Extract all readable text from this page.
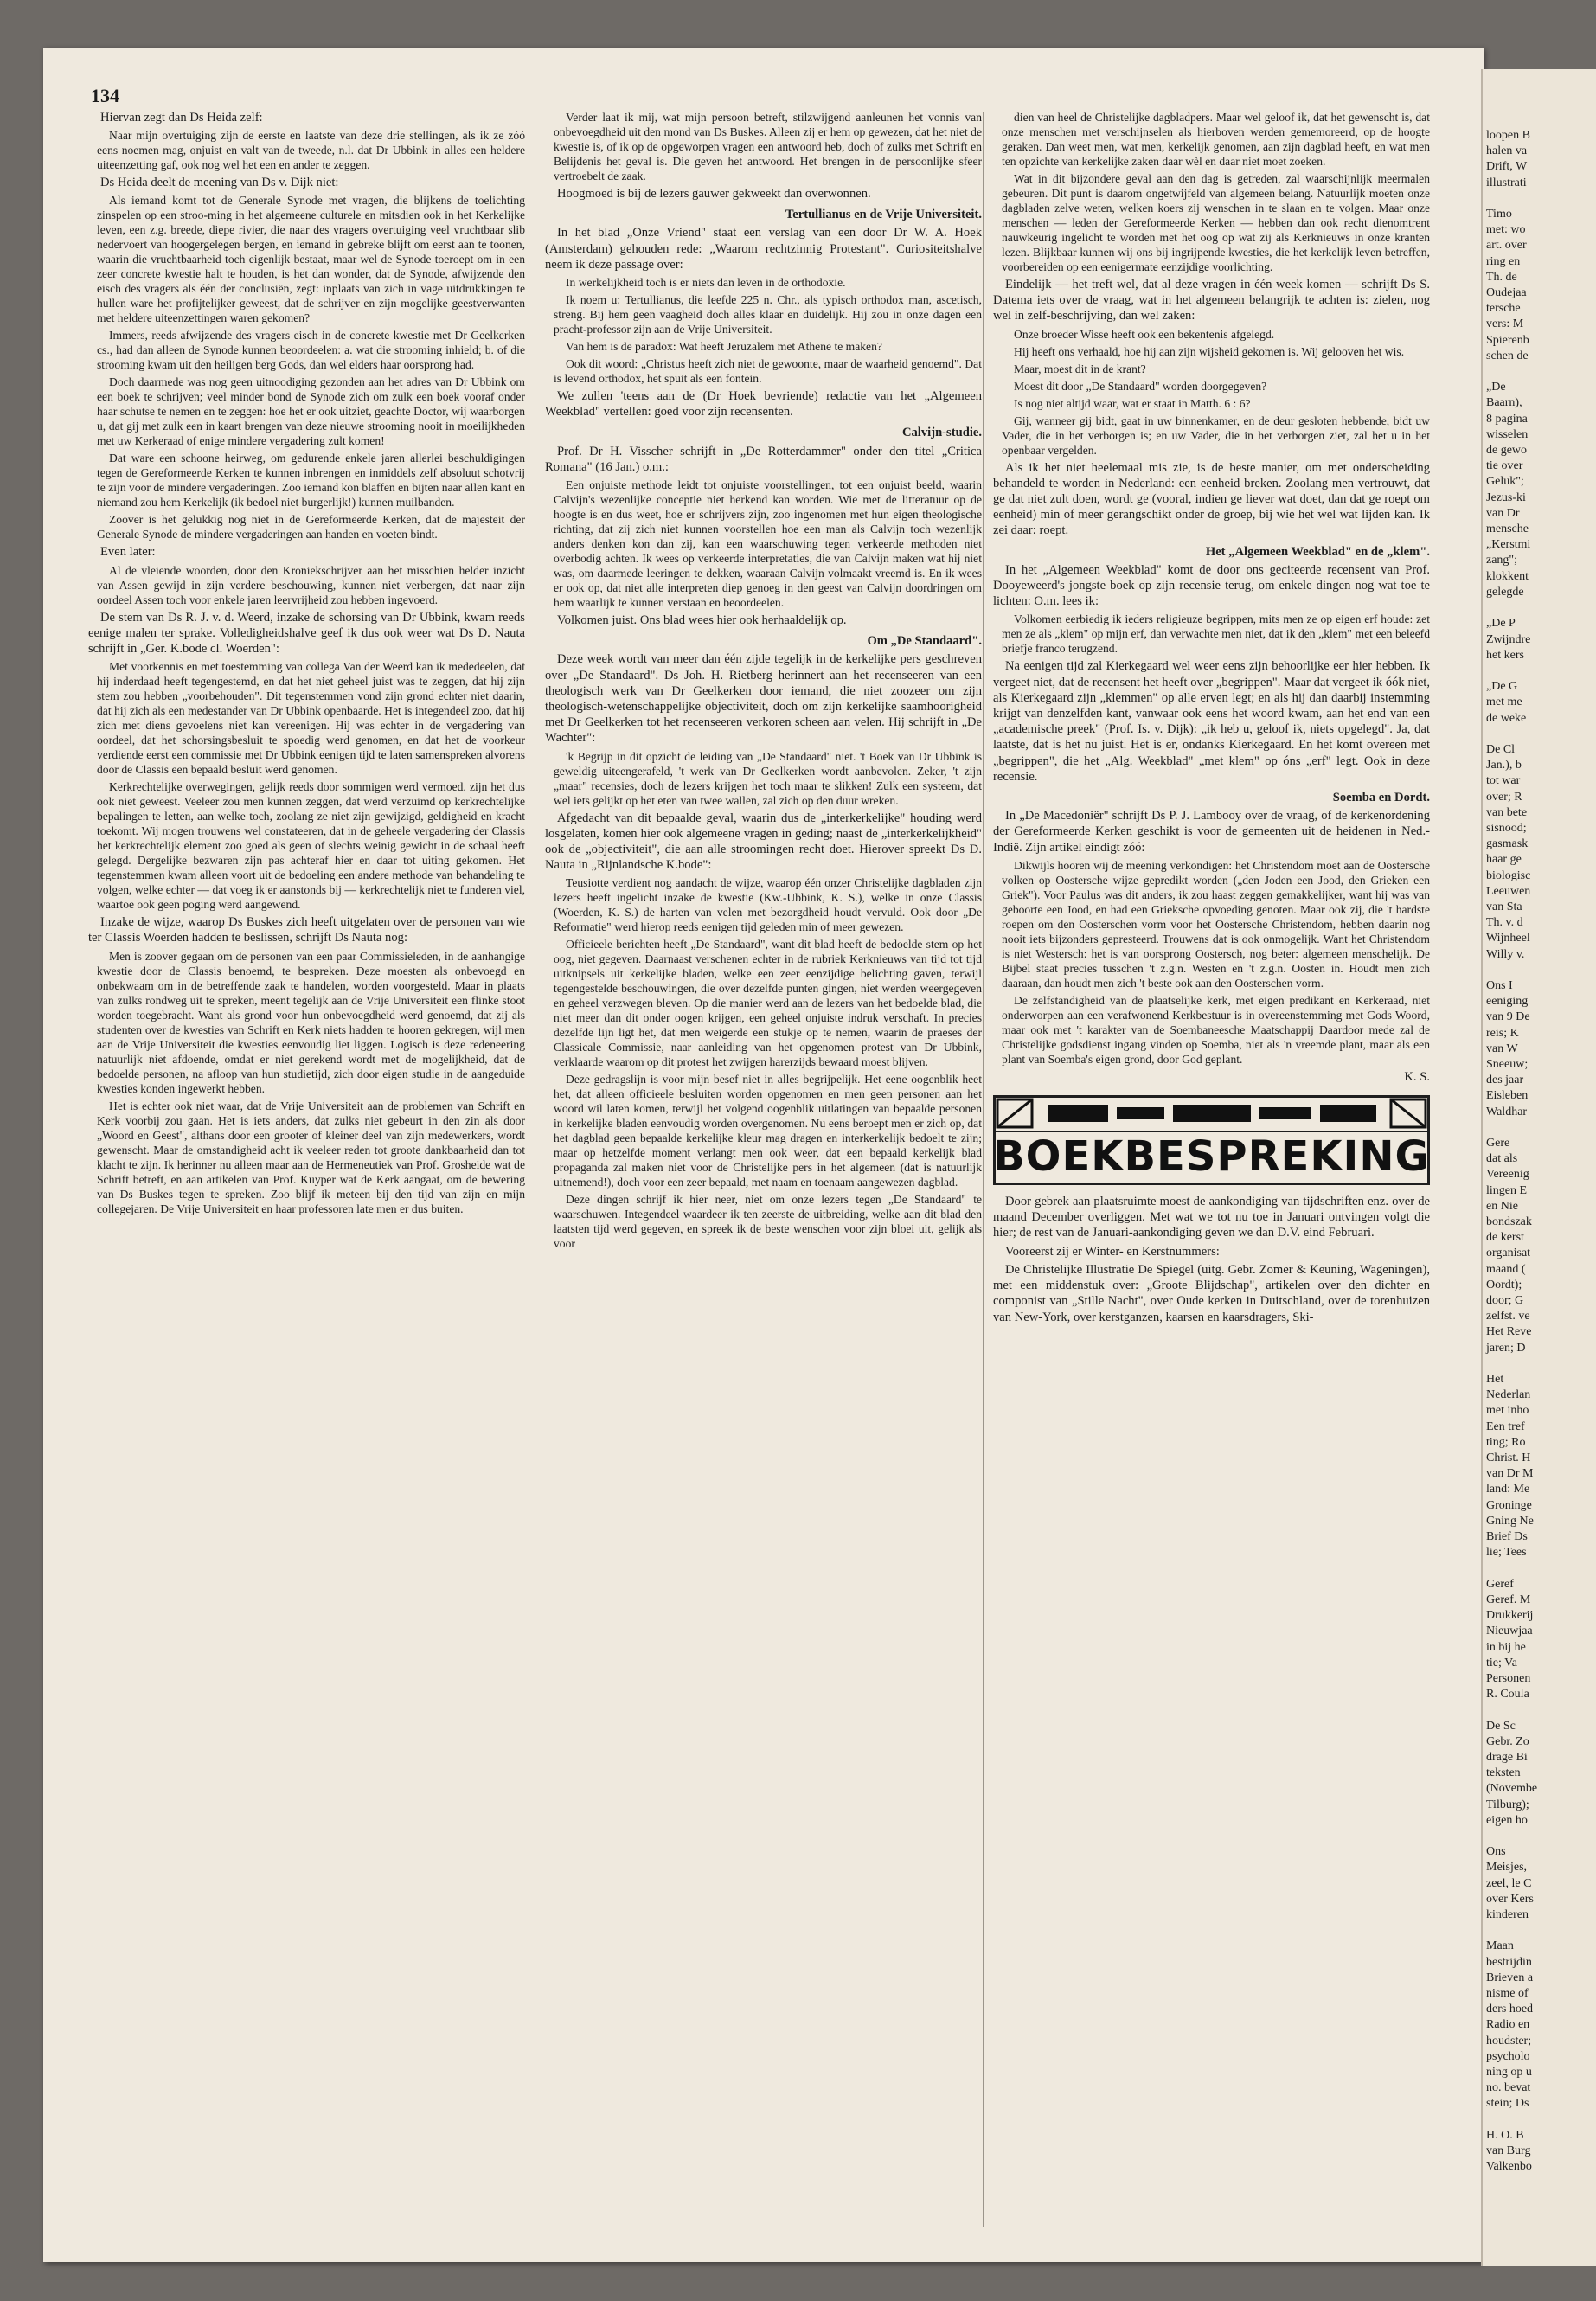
134

Hiervan zegt dan Ds Heida zelf:

Naar mijn overtuiging zijn de eerste en laatste van deze drie stellingen, als ik ze zóó eens noemen mag, onjuist en valt van de tweede, n.l. dat Dr Ubbink in alles een heldere uiteenzetting gaf, ook nog wel het een en ander te zeggen.

Ds Heida deelt de meening van Ds v. Dijk niet:

Als iemand komt tot de Generale Synode met vragen, die blijkens de toelichting zinspelen op een stroo-ming in het algemeene culturele en mitsdien ook in het Kerkelijke leven, een z.g. breede, diepe rivier, die naar des vragers overtuiging veel vruchtbaar slib nedervoert van hoogergelegen bergen, en iemand in gebreke blijft om eerst aan te toonen, waarin die vruchtbaarheid toch eigenlijk bestaat, maar wel de Synode toeroept om in een zeer concrete kwestie halt te houden, is het dan wonder, dat de Synode, afwijzende den eisch des vragers als één der conclusiën, zegt: inplaats van zich in vage uitdrukkingen te hullen ware het profijtelijker geweest, dat de schrijver en zijn mogelijke geestverwanten met heldere uiteenzettingen waren gekomen?

Immers, reeds afwijzende des vragers eisch in de concrete kwestie met Dr Geelkerken cs., had dan alleen de Synode kunnen beoordeelen: a. wat die strooming inhield; b. of die strooming kwam uit den heiligen berg Gods, dan wel elders haar oorsprong had.

Doch daarmede was nog geen uitnoodiging gezonden aan het adres van Dr Ubbink om een boek te schrijven; veel minder bond de Synode zich om zulk een boek vooraf onder haar schutse te nemen en te zeggen: hoe het er ook uitziet, geachte Doctor, wij waarborgen u, dat gij met zulk een in kaart brengen van deze nieuwe strooming nooit in moeilijkheden met uw Kerkeraad of enige mindere vergadering zult komen!

Dat ware een schoone heirweg, om gedurende enkele jaren allerlei beschuldigingen tegen de Gereformeerde Kerken te kunnen inbrengen en inmiddels zelf absoluut schotvrij te zijn voor de mindere vergaderingen. Zoo iemand kon blaffen en bijten naar allen kant en niemand zou hem Kerkelijk (ik bedoel niet burgerlijk!) kunnen muilbanden.

Zoover is het gelukkig nog niet in de Gereformeerde Kerken, dat de majesteit der Generale Synode de mindere vergaderingen aan handen en voeten bindt.

Even later:

Al de vleiende woorden, door den Kroniekschrijver aan het misschien helder inzicht van Assen gewijd in zijn verdere beschouwing, kunnen niet verbergen, dat naar zijn oordeel Assen toch voor enkele jaren leervrijheid zou hebben ingevoerd.

De stem van Ds R. J. v. d. Weerd, inzake de schorsing van Dr Ubbink, kwam reeds eenige malen ter sprake. Volledigheidshalve geef ik dus ook weer wat Ds D. Nauta schrijft in „Ger. K.bode cl. Woerden":

Met voorkennis en met toestemming van collega Van der Weerd kan ik mededeelen, dat hij inderdaad heeft tegengestemd, en dat het niet geheel juist was te zeggen, dat hij zijn stem zou hebben „voorbehouden". Dit tegenstemmen vond zijn grond echter niet daarin, dat hij zich als een medestander van Dr Ubbink openbaarde. Het is integendeel zoo, dat hij zich met diens gevoelens niet kan vereenigen. Hij was echter in de vergadering van oordeel, dat het schorsingsbesluit te spoedig werd genomen, en dat het de voorkeur verdiende eerst een commissie met Dr Ubbink eenigen tijd te laten samenspreken alvorens door de Classis een bepaald besluit werd genomen.

Kerkrechtelijke overwegingen, gelijk reeds door sommigen werd vermoed, zijn het dus ook niet geweest. Veeleer zou men kunnen zeggen, dat werd verzuimd op kerkrechtelijke bepalingen te letten, aan welke toch, zoolang ze niet zijn gewijzigd, geldigheid en kracht toekomt. Wij mogen trouwens wel constateeren, dat in de geheele vergadering der Classis het kerkrechtelijk element zoo goed als geen of slechts weinig gewicht in de schaal heeft gelegd. Dergelijke bezwaren zijn pas achteraf hier en daar tot uiting gekomen. Het tegenstemmen kwam alleen voort uit de bedoeling een andere methode van behandeling te volgen, welke echter — dat voeg ik er aanstonds bij — kerkrechtelijk niet te funderen viel, waartoe ook geen poging werd aangewend.

Inzake de wijze, waarop Ds Buskes zich heeft uitgelaten over de personen van wie ter Classis Woerden hadden te beslissen, schrijft Ds Nauta nog:

Men is zoover gegaan om de personen van een paar Commissieleden, in de aanhangige kwestie door de Classis benoemd, te bespreken. Deze moesten als onbevoegd en onbekwaam om in de betreffende zaak te handelen, worden voorgesteld. Maar in plaats van zulks rondweg uit te spreken, meent tegelijk aan de Vrije Universiteit een flinke stoot worden toegebracht. Want als grond voor hun onbevoegdheid werd genoemd, dat zij als studenten over de kwesties van Schrift en Kerk niets hadden te hooren gekregen, wijl men aan de Vrije Universiteit die kwesties eenvoudig liet liggen. Logisch is deze redeneering natuurlijk niet afdoende, omdat er niet gerekend wordt met de mogelijkheid, dat de bedoelde personen, na afloop van hun studietijd, zich door eigen studie in de aangeduide kwesties konden ingewerkt hebben.

Het is echter ook niet waar, dat de Vrije Universiteit aan de problemen van Schrift en Kerk voorbij zou gaan. Het is iets anders, dat zulks niet gebeurt in den zin als door „Woord en Geest", althans door een grooter of kleiner deel van zijn medewerkers, wordt gewenscht. Maar de omstandigheid acht ik veeleer reden tot groote dankbaarheid dan tot klacht te zijn. Ik herinner nu alleen maar aan de Hermeneutiek van Prof. Grosheide wat de Schrift betreft, en aan artikelen van Prof. Kuyper wat de Kerk aangaat, om de bewering van Ds Buskes tegen te spreken. Zoo blijf ik meteen bij den tijd van zijn en mijn collegejaren. De Vrije Universiteit en haar professoren late men er dus buiten.

Verder laat ik mij, wat mijn persoon betreft, stilzwijgend aanleunen het vonnis van onbevoegdheid uit den mond van Ds Buskes. Alleen zij er hem op gewezen, dat het niet de kwestie is, of ik op de opgeworpen vragen een antwoord heb, doch of zulks met Schrift en Belijdenis het geval is. Die geven het antwoord. Het brengen in de persoonlijke sfeer vertroebelt de zaak.

Hoogmoed is bij de lezers gauwer gekweekt dan overwonnen.

Tertullianus en de Vrije Universiteit.

In het blad „Onze Vriend" staat een verslag van een door Dr W. A. Hoek (Amsterdam) gehouden rede: „Waarom rechtzinnig Protestant". Curiositeitshalve neem ik deze passage over:

In werkelijkheid toch is er niets dan leven in de orthodoxie.

Ik noem u: Tertullianus, die leefde 225 n. Chr., als typisch orthodox man, ascetisch, streng. Bij hem geen vaagheid doch alles klaar en duidelijk. Hij zou in onze dagen een pracht-professor zijn aan de Vrije Universiteit.

Van hem is de paradox: Wat heeft Jeruzalem met Athene te maken?

Ook dit woord: „Christus heeft zich niet de gewoonte, maar de waarheid genoemd". Dat is levend orthodox, het spuit als een fontein.

We zullen 'teens aan de (Dr Hoek bevriende) redactie van het „Algemeen Weekblad" vertellen: goed voor zijn recensenten.

Calvijn-studie.

Prof. Dr H. Visscher schrijft in „De Rotterdammer" onder den titel „Critica Romana" (16 Jan.) o.m.:

Een onjuiste methode leidt tot onjuiste voorstellingen, tot een onjuist beeld, waarin Calvijn's wezenlijke conceptie niet herkend kan worden. Wie met de litteratuur op de hoogte is en dus weet, hoe er schrijvers zijn, zoo ingenomen met hun eigen theologische richting, dat zij zich niet kunnen voorstellen hoe een man als Calvijn toch wezenlijk anders denken kon dan zij, kan een waarschuwing tegen verkeerde methoden niet overbodig achten. Ik wees op verkeerde interpretaties, die van Calvijn maken wat hij niet was, om daarmede leeringen te dekken, waaraan Calvijn volmaakt vreemd is. En ik wees er ook op, dat niet alle interpreten diep genoeg in den geest van Calvijn doordringen om hem waarlijk te kunnen verstaan en beoordeelen.

Volkomen juist. Ons blad wees hier ook herhaaldelijk op.

Om „De Standaard".

Deze week wordt van meer dan één zijde tegelijk in de kerkelijke pers geschreven over „De Standaard". Ds Joh. H. Rietberg herinnert aan het recenseeren van een theologisch werk van Dr Geelkerken door iemand, die niet zoozeer om zijn theologisch-wetenschappelijke objectiviteit, doch om zijn kerkelijke saamhoorigheid met Dr Geelkerken tot het recenseeren verkoren scheen aan velen. Hij schrijft in „De Wachter":

'k Begrijp in dit opzicht de leiding van „De Standaard" niet. 't Boek van Dr Ubbink is geweldig uiteengerafeld, 't werk van Dr Geelkerken wordt aanbevolen. Zeker, 't zijn „maar" recensies, doch de lezers krijgen het toch maar te slikken! Zulk een systeem, dat wel iets gelijkt op het eten van twee wallen, zal zich op den duur wreken.

Afgedacht van dit bepaalde geval, waarin dus de „interkerkelijke" houding werd losgelaten, komen hier ook algemeene vragen in geding; naast de „interkerkelijkheid" ook de „objectiviteit", die aan alle stroomingen recht doet. Hierover spreekt Ds D. Nauta in „Rijnlandsche K.bode":

Teusiotte verdient nog aandacht de wijze, waarop één onzer Christelijke dagbladen zijn lezers heeft ingelicht inzake de kwestie (Kw.-Ubbink, K. S.), welke in onze Classis (Woerden, K. S.) de harten van velen met bezorgdheid houdt vervuld. Ook door „De Reformatie" werd hierop reeds eenigen tijd geleden min of meer gewezen.

Officieele berichten heeft „De Standaard", want dit blad heeft de bedoelde stem op het oog, niet gegeven. Daarnaast verschenen echter in de rubriek Kerknieuws van tijd tot tijd uitknipsels uit kerkelijke bladen, welke een zeer eenzijdige belichting gaven, terwijl tegengestelde beschouwingen, die over dezelfde punten gingen, niet werden weergegeven en geheel verzwegen bleven. Op die manier werd aan de lezers van het bedoelde blad, die niet meer dan dit onder oogen krijgen, een geheel onjuiste indruk verschaft. In precies dezelfde lijn ligt het, dat men weigerde een stukje op te nemen, waarin de praeses der Classicale Commissie, naar aanleiding van het opgenomen protest van Dr Ubbink, verklaarde waarom op dit protest het zwijgen harerzijds bewaard moest blijven.

Deze gedragslijn is voor mijn besef niet in alles begrijpelijk. Het eene oogenblik heet het, dat alleen officieele besluiten worden opgenomen en men geen personen aan het woord wil laten komen, terwijl het volgend oogenblik uitlatingen van bepaalde personen in kerkelijke bladen eenvoudig worden overgenomen. Nu eens beroept men er zich op, dat het dagblad geen bepaalde kerkelijke kleur mag dragen en interkerkelijk bedoelt te zijn; maar op hetzelfde moment verlangt men ook weer, dat een bepaald kerkelijk blad propaganda zal maken niet voor de Christelijke pers in het algemeen (dat is natuurlijk uitnemend!), doch voor een zeer bepaald, met naam en toenaam aangewezen dagblad.

Deze dingen schrijf ik hier neer, niet om onze lezers tegen „De Standaard" te waarschuwen. Integendeel waardeer ik ten zeerste de uitbreiding, welke aan dit blad den laatsten tijd werd gegeven, en spreek ik de beste wenschen voor zijn bloei uit, gelijk als voor

dien van heel de Christelijke dagbladpers. Maar wel geloof ik, dat het gewenscht is, dat onze menschen met verschijnselen als hierboven werden gememoreerd, op de hoogte geraken. Dan weet men, wat men, kerkelijk genomen, aan zijn dagblad heeft, en wat men ten opzichte van kerkelijke zaken daar wèl en daar niet moet zoeken.

Wat in dit bijzondere geval aan den dag is getreden, zal waarschijnlijk meermalen gebeuren. Dit punt is daarom ongetwijfeld van algemeen belang. Natuurlijk moeten onze dagbladen zelve weten, welken koers zij wenschen in te slaan en te volgen. Maar onze menschen — leden der Gereformeerde Kerken — hebben dan ook recht dienomtrent nauwkeurig ingelicht te worden met het oog op wat zij als Kerknieuws in onze kranten lezen. Blijkbaar kunnen wij ons bij ingrijpende kwesties, die het kerkelijk leven betreffen, voorbereiden op een eenigermate eenzijdige voorlichting.

Eindelijk — het treft wel, dat al deze vragen in één week komen — schrijft Ds S. Datema iets over de vraag, wat in het algemeen belangrijk te achten is: zielen, nog wel in zelf-beschrijving, dan wel zaken:

Onze broeder Wisse heeft ook een bekentenis afgelegd.

Hij heeft ons verhaald, hoe hij aan zijn wijsheid gekomen is. Wij gelooven het wis.

Maar, moest dit in de krant?

Moest dit door „De Standaard" worden doorgegeven?

Is nog niet altijd waar, wat er staat in Matth. 6 : 6?

Gij, wanneer gij bidt, gaat in uw binnenkamer, en de deur gesloten hebbende, bidt uw Vader, die in het verborgen is; en uw Vader, die in het verborgen ziet, zal het u in het openbaar vergelden.

Als ik het niet heelemaal mis zie, is de beste manier, om met onderscheiding behandeld te worden in Nederland: een eenheid breken. Zoolang men vertrouwt, dat ge dat niet zult doen, wordt ge (vooral, indien ge liever wat doet, dan dat ge roept om eenheid) min of meer gerangschikt onder de groep, bij wie het wel wat lijden kan. Ik zei daar: roept.

Het „Algemeen Weekblad" en de „klem".

In het „Algemeen Weekblad" komt de door ons geciteerde recensent van Prof. Dooyeweerd's jongste boek op zijn recensie terug, om enkele dingen nog wat toe te lichten: O.m. lees ik:

Volkomen eerbiedig ik ieders religieuze begrippen, mits men ze op eigen erf houde: zet men ze als „klem" op mijn erf, dan verwachte men niet, dat ik den „klem" met een beleefd briefje franco terugzend.

Na eenigen tijd zal Kierkegaard wel weer eens zijn behoorlijke eer hier hebben. Ik vergeet niet, dat de recensent het heeft over „begrippen". Maar dat vergeet ik óók niet, als Kierkegaard zijn „klemmen" op alle erven legt; en als hij dan daarbij instemming krijgt van denzelfden kant, vanwaar ook eens het woord kwam, aan het end van een „academische preek" (Prof. Is. v. Dijk): „ik heb u, geloof ik, niets opgelegd". Ja, dat laatste, dat is het nu juist. Het is er, ondanks Kierkegaard. En het komt overeen met „begrippen", die het „Alg. Weekblad" „met klem" op óns „erf" legt. Ook in deze recensie.

Soemba en Dordt.

In „De Macedoniër" schrijft Ds P. J. Lambooy over de vraag, of de kerkenordening der Gereformeerde Kerken geschikt is voor de gemeenten uit de heidenen in Ned.-Indië. Zijn artikel eindigt zóó:

Dikwijls hooren wij de meening verkondigen: het Christendom moet aan de Oostersche volken op Oostersche wijze gepredikt worden („den Joden een Jood, den Grieken een Griek"). Voor Paulus was dit anders, ik zou haast zeggen gemakkelijker, want hij was van geboorte een Jood, en had een Grieksche opvoeding genoten. Maar ook zij, die 't hardste roepen om den Oosterschen vorm voor het Oostersche Christendom, hebben daarin nog nooit iets bijzonders gepresteerd. Trouwens dat is ook onmogelijk. Want het Christendom is niet Westersch: het is van oorsprong Oostersch, nog beter: algemeen menschelijk. De Bijbel staat precies tusschen 't z.g.n. Westen en 't z.g.n. Oosten in. Houdt men zich daaraan, dan houdt men zich 't beste ook aan den Oosterschen vorm.

De zelfstandigheid van de plaatselijke kerk, met eigen predikant en Kerkeraad, niet onderworpen aan een verafwonend Kerkbestuur is in overeenstemming met Gods Woord, maar ook met 't karakter van de Soembaneesche Maatschappij Daardoor mede zal de Christelijke godsdienst ingang vinden op Soemba, niet als 'n vreemde plant, maar als een plant van Soemba's eigen grond, door God geplant.

K. S.
BOEKBESPREKING

Door gebrek aan plaatsruimte moest de aankondiging van tijdschriften enz. over de maand December overliggen. Met wat we tot nu toe in Januari ontvingen volgt die hier; de rest van de Januari-aankondiging geven we dan D.V. eind Februari.

Vooreerst zij er Winter- en Kerstnummers:

De Christelijke Illustratie De Spiegel (uitg. Gebr. Zomer & Keuning, Wageningen), met een middenstuk over: „Groote Blijdschap", artikelen over den dichter en componist van „Stille Nacht", over Oude kerken in Duitschland, over de torenhuizen van New-York, over kerstganzen, kaarsen en kaarsdragers, Ski-

loopen B
halen va
Drift, W
illustrati

Timo
met: wo
art. over
ring en
Th. de
Oudejaa
tersche
vers: M
Spierenb
schen de

„De
Baarn),
8 pagina
wisselen
de gewo
tie over
Geluk";
Jezus-ki
van Dr
mensche
„Kerstmi
zang";
klokkent
gelegde

„De P
Zwijndre
het kers

„De G
met me
de weke

De Cl
Jan.), b
tot war
over; R
van bete
sisnood;
gasmask
haar ge
biologisc
Leeuwen
van Sta
Th. v. d
Wijnheel
Willy v.

Ons I
eeniging
van 9 De
reis; K
van W
Sneeuw;
des jaar
Eisleben
Waldhar

Gere
dat als
Vereenig
lingen E
en Nie
bondszak
de kerst
organisat
maand (
Oordt);
door; G
zelfst. ve
Het Reve
jaren; D

Het
Nederlan
met inho
Een tref
ting; Ro
Christ. H
van Dr M
land: Me
Groninge
Gning Ne
Brief Ds
lie; Tees

Geref
Geref. M
Drukkerij
Nieuwjaa
in bij he
tie; Va
Personen
R. Coula

De Sc
Gebr. Zo
drage Bi
teksten
(Novembe
Tilburg);
eigen ho

Ons
Meisjes,
zeel, le C
over Kers
kinderen

Maan
bestrijdin
Brieven a
nisme of
ders hoed
Radio en
houdster;
psycholo
ning op u
no. bevat
stein; Ds

H. O. B
van Burg
Valkenbo
